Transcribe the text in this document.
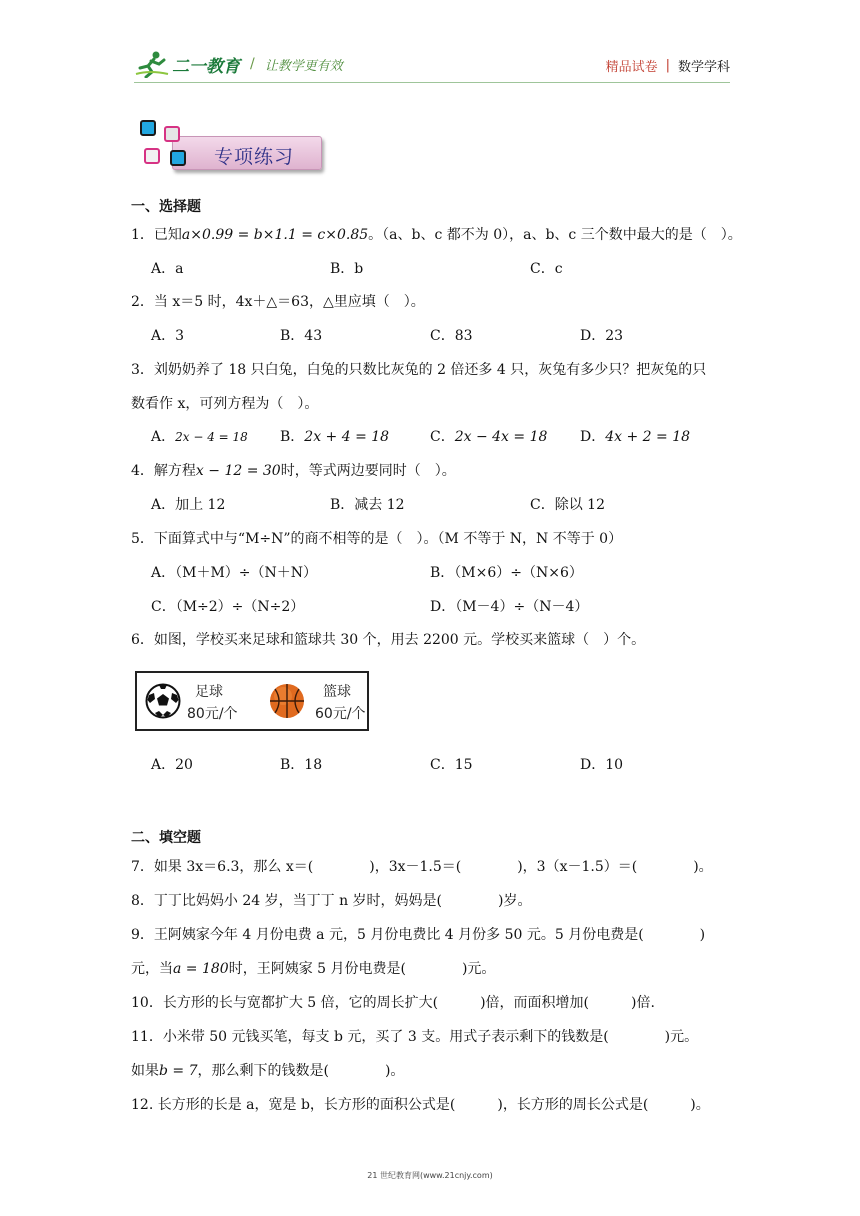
二一教育 / 让教学更有效	精品试卷 | 数学学科
专项练习
一、选择题
1．已知a×0.99 = b×1.1 = c×0.85。（a、b、c 都不为 0），a、b、c 三个数中最大的是（　）。
A．a	B．b	C．c
2．当 x＝5 时，4x＋△＝63，△里应填（　）。
A．3	B．43	C．83	D．23
3．刘奶奶养了 18 只白兔，白兔的只数比灰兔的 2 倍还多 4 只，灰兔有多少只？把灰兔的只
数看作 x，可列方程为（　）。
A．2x − 4 = 18 B．2x + 4 = 18	C．2x − 4x = 18 D．4x + 2 = 18
4．解方程x − 12 = 30时，等式两边要同时（　）。
A．加上 12	B．减去 12	C．除以 12
5．下面算式中与“M÷N”的商不相等的是（　）。（M 不等于 N，N 不等于 0）
A．（M＋M）÷（N＋N）	B．（M×6）÷（N×6）
C．（M÷2）÷（N÷2）	D．（M－4）÷（N－4）
6．如图，学校买来足球和篮球共 30 个，用去 2200 元。学校买来篮球（　）个。
足球
80元/个
篮球
60元/个
A．20	B．18	C．15	D．10
二、填空题
7．如果 3x＝6.3，那么 x＝(　　　　)，3x－1.5＝(　　　　)，3（x－1.5）＝(　　　　)。
8．丁丁比妈妈小 24 岁，当丁丁 n 岁时，妈妈是(　　　　)岁。
9．王阿姨家今年 4 月份电费 a 元，5 月份电费比 4 月份多 50 元。5 月份电费是(　　　　)
元，当a = 180时，王阿姨家 5 月份电费是(　　　　)元。
10．长方形的长与宽都扩大 5 倍，它的周长扩大(　　　)倍，而面积增加(　　　)倍.
11．小米带 50 元钱买笔，每支 b 元，买了 3 支。用式子表示剩下的钱数是(　　　　)元。
如果b = 7，那么剩下的钱数是(　　　　)。
12. 长方形的长是 a，宽是 b，长方形的面积公式是(　　　)，长方形的周长公式是(　　　)。
21 世纪教育网(www.21cnjy.com)
